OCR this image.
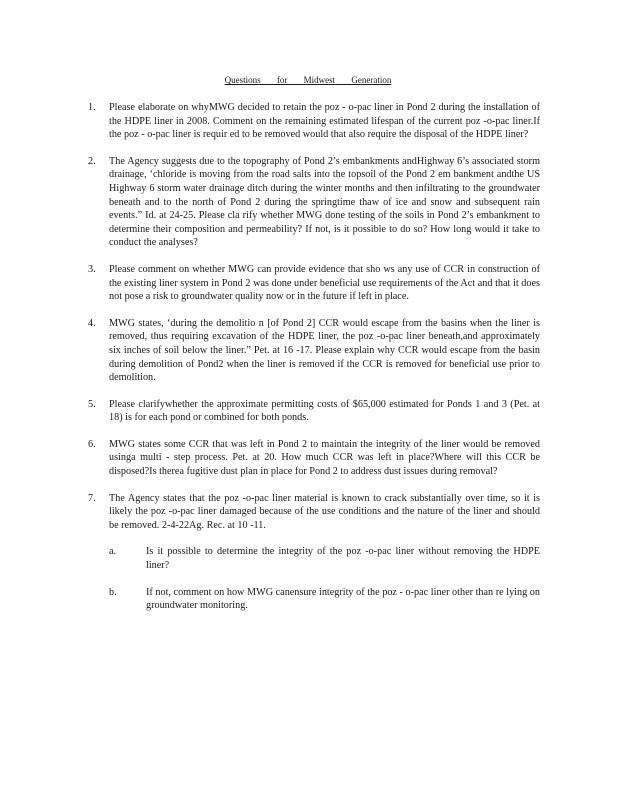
Questions for Midwest Generation
1. Please elaborate on whyMWG decided to retain the poz - o-pac liner in Pond 2 during the installation of the HDPE liner in 2008. Comment on the remaining estimated lifespan of the current poz -o-pac liner.If the poz - o-pac liner is requir ed to be removed would that also require the disposal of the HDPE liner?
2. The Agency suggests due to the topography of Pond 2’s embankments andHighway 6’s associated storm drainage, ‘chloride is moving from the road salts into the topsoil of the Pond 2 em bankment andthe US Highway 6 storm water drainage ditch during the winter months and then infiltrating to the groundwater beneath and to the north of Pond 2 during the springtime thaw of ice and snow and subsequent rain events.” Id. at 24-25. Please cla rify whether MWG done testing of the soils in Pond 2’s embankment to determine their composition and permeability? If not, is it possible to do so? How long would it take to conduct the analyses?
3. Please comment on whether MWG can provide evidence that sho ws any use of CCR in construction of the existing liner system in Pond 2 was done under beneficial use requirements of the Act and that it does not pose a risk to groundwater quality now or in the future if left in place.
4. MWG states, ‘during the demolitio n [of Pond 2] CCR would escape from the basins when the liner is removed, thus requiring excavation of the HDPE liner, the poz -o-pac liner beneath,and approximately six inches of soil below the liner.” Pet. at 16 -17. Please explain why CCR would escape from the basin during demolition of Pond2 when the liner is removed if the CCR is removed for beneficial use prior to demolition.
5. Please clarifywhether the approximate permitting costs of $65,000 estimated for Ponds 1 and 3 (Pet. at 18) is for each pond or combined for both ponds.
6. MWG states some CCR that was left in Pond 2 to maintain the integrity of the liner would be removed usinga multi - step process. Pet. at 20. How much CCR was left in place?Where will this CCR be disposed?Is therea fugitive dust plan in place for Pond 2 to address dust issues during removal?
7. The Agency states that the poz -o-pac liner material is known to crack substantially over time, so it is likely the poz -o-pac liner damaged because of the use conditions and the nature of the liner and should be removed. 2-4-22Ag. Rec. at 10 -11.
a.	Is it possible to determine the integrity of the poz -o-pac liner without removing the HDPE liner?
b.	If not, comment on how MWG canensure integrity of the poz - o-pac liner other than re lying on groundwater monitoring.
